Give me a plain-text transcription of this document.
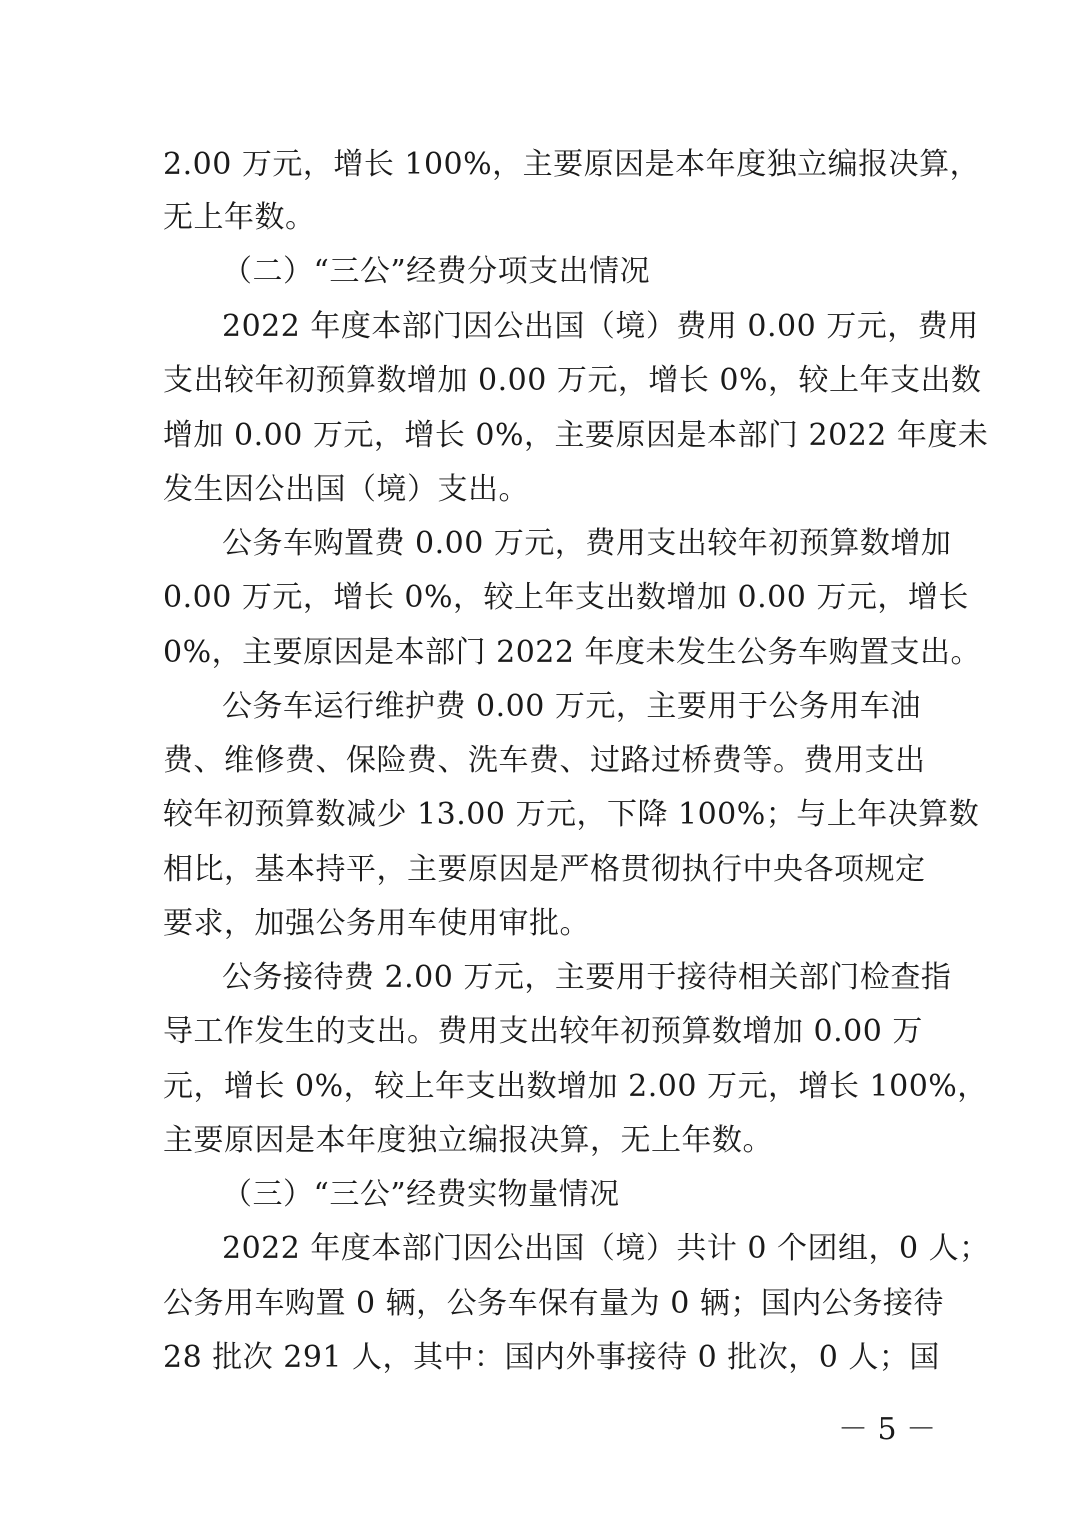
2.00 万元，增长 100%，主要原因是本年度独立编报决算，
无上年数。
（二）“三公”经费分项支出情况
2022 年度本部门因公出国（境）费用 0.00 万元，费用
支出较年初预算数增加 0.00 万元，增长 0%，较上年支出数
增加 0.00 万元，增长 0%，主要原因是本部门 2022 年度未
发生因公出国（境）支出。
公务车购置费 0.00 万元，费用支出较年初预算数增加
0.00 万元，增长 0%，较上年支出数增加 0.00 万元，增长
0%，主要原因是本部门 2022 年度未发生公务车购置支出。
公务车运行维护费 0.00 万元，主要用于公务用车油
费、维修费、保险费、洗车费、过路过桥费等。费用支出
较年初预算数减少 13.00 万元，下降 100%；与上年决算数
相比，基本持平，主要原因是严格贯彻执行中央各项规定
要求，加强公务用车使用审批。
公务接待费 2.00 万元，主要用于接待相关部门检查指
导工作发生的支出。费用支出较年初预算数增加 0.00 万
元，增长 0%，较上年支出数增加 2.00 万元，增长 100%，
主要原因是本年度独立编报决算，无上年数。
（三）“三公”经费实物量情况
2022 年度本部门因公出国（境）共计 0 个团组，0 人；
公务用车购置 0 辆，公务车保有量为 0 辆；国内公务接待
28 批次 291 人，其中：国内外事接待 0 批次，0 人；国
－ 5 －
